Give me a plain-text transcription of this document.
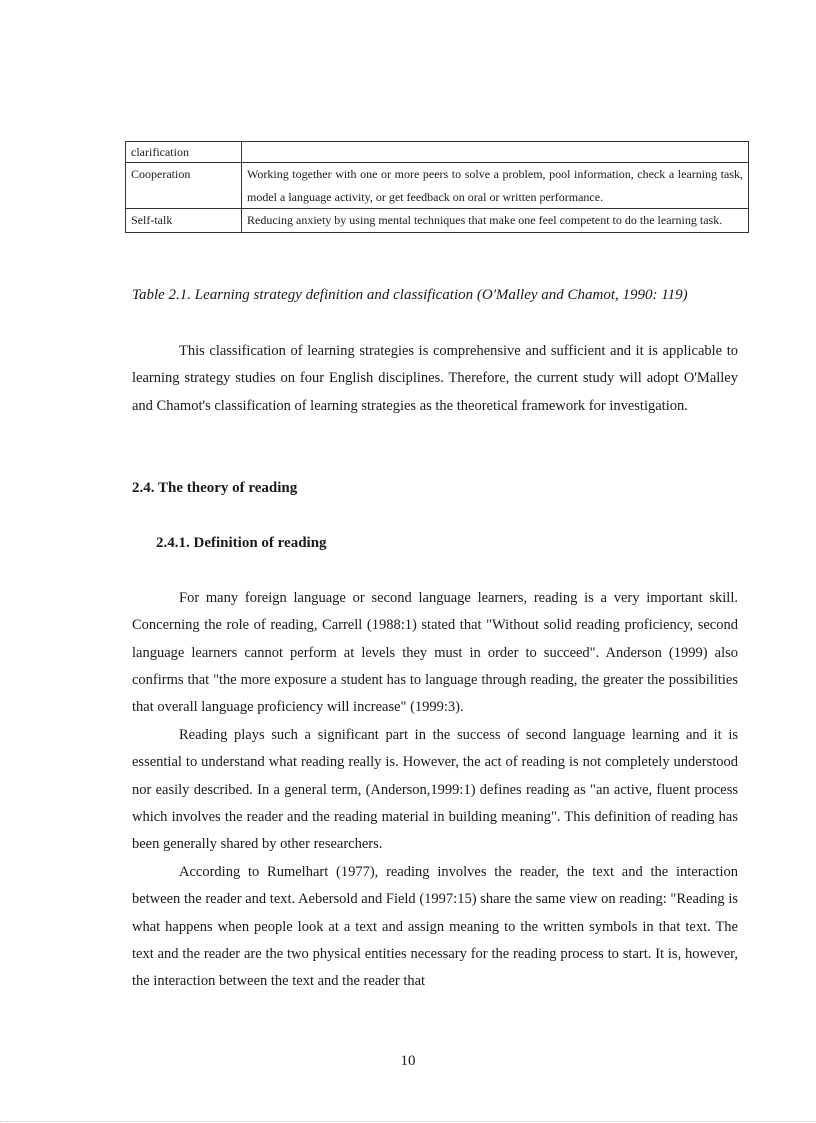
clarification	
Cooperation	Working together with one or more peers to solve a problem, pool information, check a learning task, model a language activity, or get feedback on oral or written performance.
Self-talk	Reducing anxiety by using mental techniques that make one feel competent to do the learning task.
Table 2.1. Learning strategy definition and classification (O'Malley and Chamot, 1990: 119)

This classification of learning strategies is comprehensive and sufficient and it is applicable to learning strategy studies on four English disciplines. Therefore, the current study will adopt O'Malley and Chamot's classification of learning strategies as the theoretical framework for investigation.

2.4. The theory of reading
2.4.1. Definition of reading

For many foreign language or second language learners, reading is a very important skill. Concerning the role of reading, Carrell (1988:1) stated that "Without solid reading proficiency, second language learners cannot perform at levels they must in order to succeed". Anderson (1999) also confirms that "the more exposure a student has to language through reading, the greater the possibilities that overall language proficiency will increase" (1999:3).

Reading plays such a significant part in the success of second language learning and it is essential to understand what reading really is. However, the act of reading is not completely understood nor easily described. In a general term, (Anderson,1999:1) defines reading as "an active, fluent process which involves the reader and the reading material in building meaning". This definition of reading has been generally shared by other researchers.

According to Rumelhart (1977), reading involves the reader, the text and the interaction between the reader and text. Aebersold and Field (1997:15) share the same view on reading: "Reading is what happens when people look at a text and assign meaning to the written symbols in that text. The text and the reader are the two physical entities necessary for the reading process to start. It is, however, the interaction between the text and the reader that

10
